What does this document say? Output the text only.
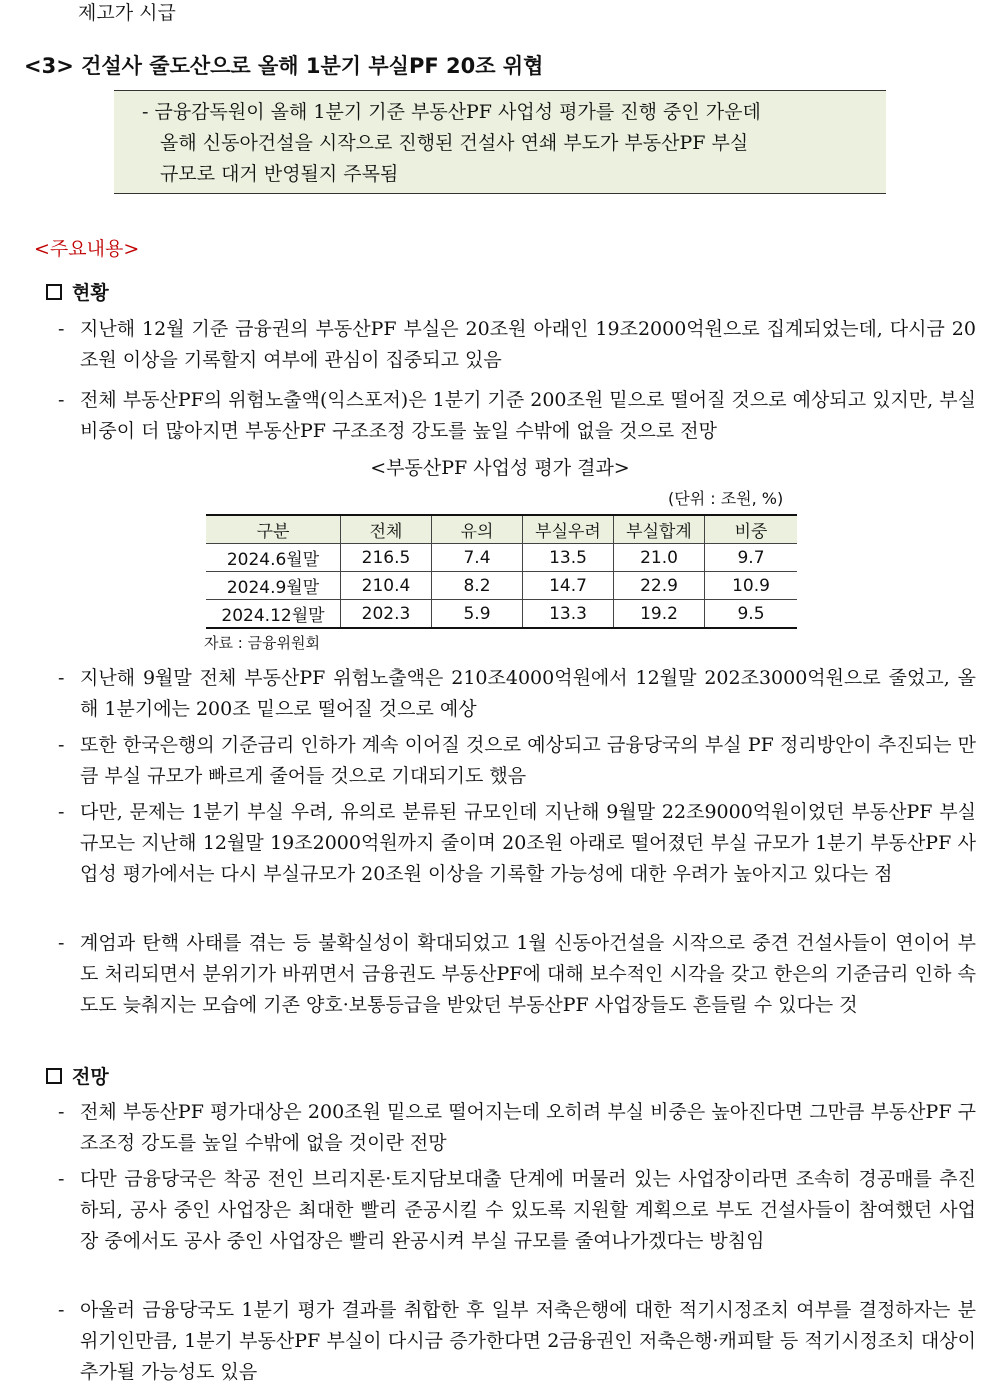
제고가 시급
<3> 건설사 줄도산으로 올해 1분기 부실PF 20조 위협
- 금융감독원이 올해 1분기 기준 부동산PF 사업성 평가를 진행 중인 가운데
올해 신동아건설을 시작으로 진행된 건설사 연쇄 부도가 부동산PF 부실
규모로 대거 반영될지 주목됨
<주요내용>
현황
- 지난해 12월 기준 금융권의 부동산PF 부실은 20조원 아래인 19조2000억원으로 집계되었는데, 다시금 20조원 이상을 기록할지 여부에 관심이 집중되고 있음
- 전체 부동산PF의 위험노출액(익스포저)은 1분기 기준 200조원 밑으로 떨어질 것으로 예상되고 있지만, 부실 비중이 더 많아지면 부동산PF 구조조정 강도를 높일 수밖에 없을 것으로 전망
<부동산PF 사업성 평가 결과>
(단위 : 조원, %)
구분	전체	유의	부실우려	부실합계	비중
2024.6월말	216.5	7.4	13.5	21.0	9.7
2024.9월말	210.4	8.2	14.7	22.9	10.9
2024.12월말	202.3	5.9	13.3	19.2	9.5
자료 : 금융위원회
- 지난해 9월말 전체 부동산PF 위험노출액은 210조4000억원에서 12월말 202조3000억원으로 줄었고, 올해 1분기에는 200조 밑으로 떨어질 것으로 예상
- 또한 한국은행의 기준금리 인하가 계속 이어질 것으로 예상되고 금융당국의 부실 PF 정리방안이 추진되는 만큼 부실 규모가 빠르게 줄어들 것으로 기대되기도 했음
- 다만, 문제는 1분기 부실 우려, 유의로 분류된 규모인데 지난해 9월말 22조9000억원이었던 부동산PF 부실 규모는 지난해 12월말 19조2000억원까지 줄이며 20조원 아래로 떨어졌던 부실 규모가 1분기 부동산PF 사업성 평가에서는 다시 부실규모가 20조원 이상을 기록할 가능성에 대한 우려가 높아지고 있다는 점
- 계엄과 탄핵 사태를 겪는 등 불확실성이 확대되었고 1월 신동아건설을 시작으로 중견 건설사들이 연이어 부도 처리되면서 분위기가 바뀌면서 금융권도 부동산PF에 대해 보수적인 시각을 갖고 한은의 기준금리 인하 속도도 늦춰지는 모습에 기존 양호·보통등급을 받았던 부동산PF 사업장들도 흔들릴 수 있다는 것
전망
- 전체 부동산PF 평가대상은 200조원 밑으로 떨어지는데 오히려 부실 비중은 높아진다면 그만큼 부동산PF 구조조정 강도를 높일 수밖에 없을 것이란 전망
- 다만 금융당국은 착공 전인 브리지론·토지담보대출 단계에 머물러 있는 사업장이라면 조속히 경공매를 추진하되, 공사 중인 사업장은 최대한 빨리 준공시킬 수 있도록 지원할 계획으로 부도 건설사들이 참여했던 사업장 중에서도 공사 중인 사업장은 빨리 완공시켜 부실 규모를 줄여나가겠다는 방침임
- 아울러 금융당국도 1분기 평가 결과를 취합한 후 일부 저축은행에 대한 적기시정조치 여부를 결정하자는 분위기인만큼, 1분기 부동산PF 부실이 다시금 증가한다면 2금융권인 저축은행·캐피탈 등 적기시정조치 대상이 추가될 가능성도 있음
